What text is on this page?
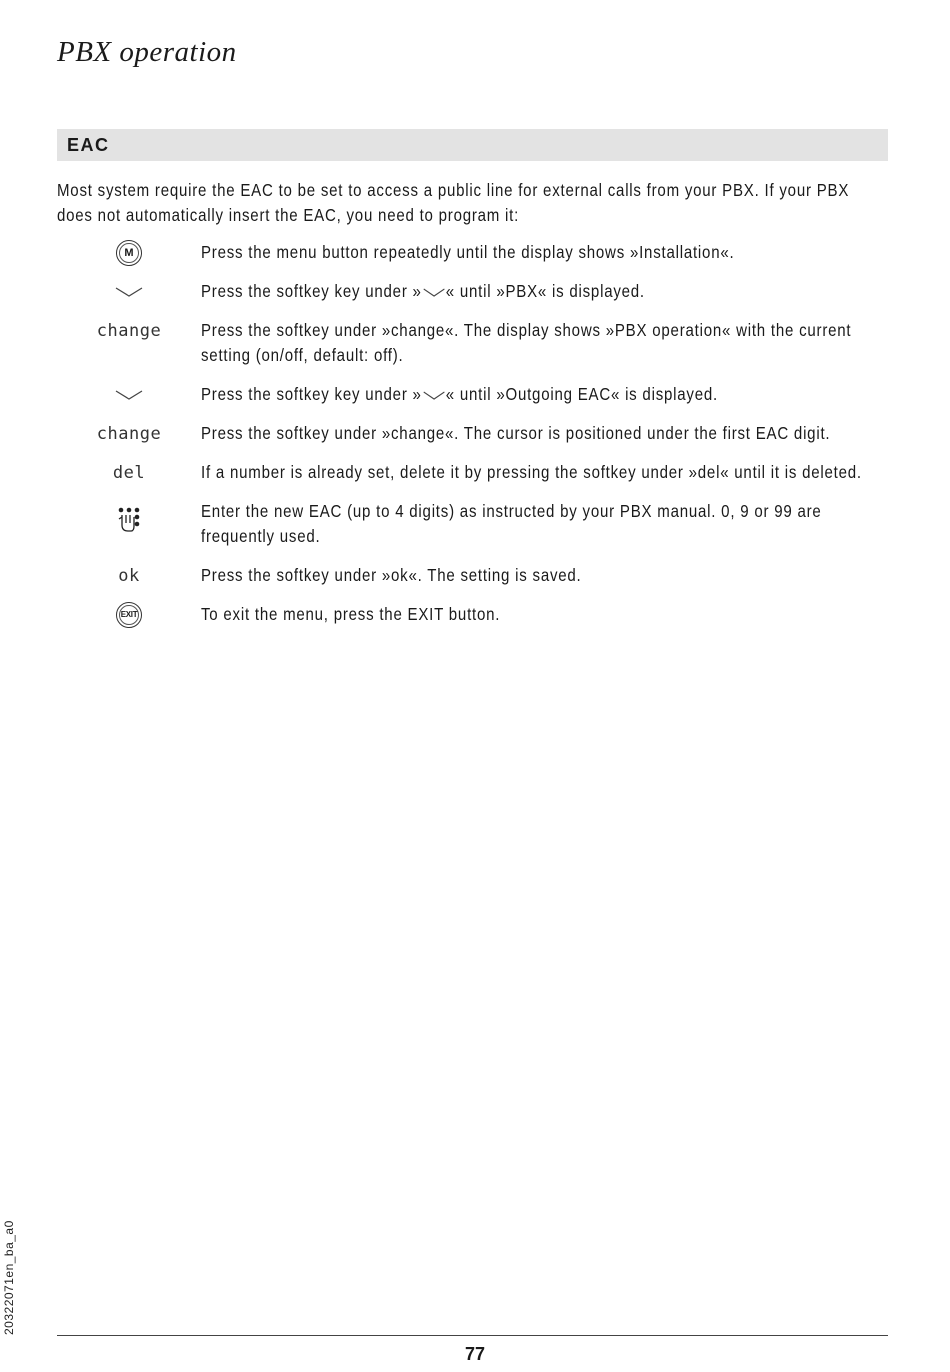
PBX operation
EAC
Most system require the EAC to be set to access a public line for external calls from your PBX. If your PBX does not automatically insert the EAC, you need to program it:
M	Press the menu button repeatedly until the display shows »Installation«.
Press the softkey key under » « until »PBX« is displayed.
change Press the softkey under »change«. The display shows »PBX operation« with the current setting (on/off, default: off).
Press the softkey key under » « until »Outgoing EAC« is displayed.
change Press the softkey under »change«. The cursor is positioned under the first EAC digit.
del	If a number is already set, delete it by pressing the softkey under »del« until it is deleted.
Enter the new EAC (up to 4 digits) as instructed by your PBX manual. 0, 9 or 99 are frequently used.
ok	Press the softkey under »ok«. The setting is saved.
EXIT	To exit the menu, press the EXIT button.
20322071en_ba_a0
77
